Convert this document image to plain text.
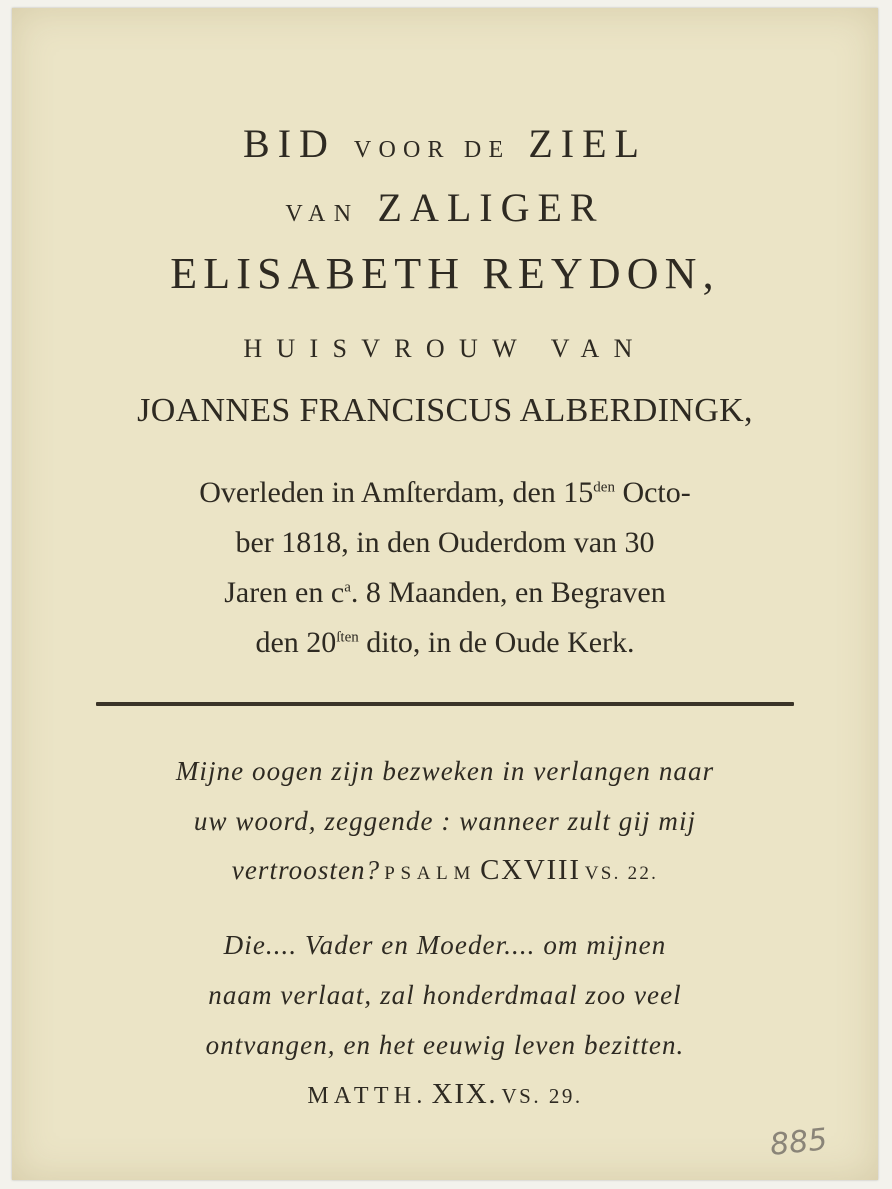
BID VOOR DE ZIEL
VAN ZALIGER
ELISABETH REYDON,
HUISVROUW VAN
JOANNES FRANCISCUS ALBERDINGK,
Overleden in Amſterdam, den $15^{den}$ Octo-
ber 1818, in den Ouderdom van 30
Jaren en $c^a$. 8 Maanden, en Begraven
den $20^{ſten}$ dito, in de Oude Kerk.
Mijne oogen zijn bezweken in verlangen naar
uw woord, zeggende : wanneer zult gij mij
vertroosten? PSALM CXVIII VS. 22.
Die.... Vader en Moeder.... om mijnen
naam verlaat, zal honderdmaal zoo veel
ontvangen, en het eeuwig leven bezitten.
MATTH. XIX. VS. 29.
885
